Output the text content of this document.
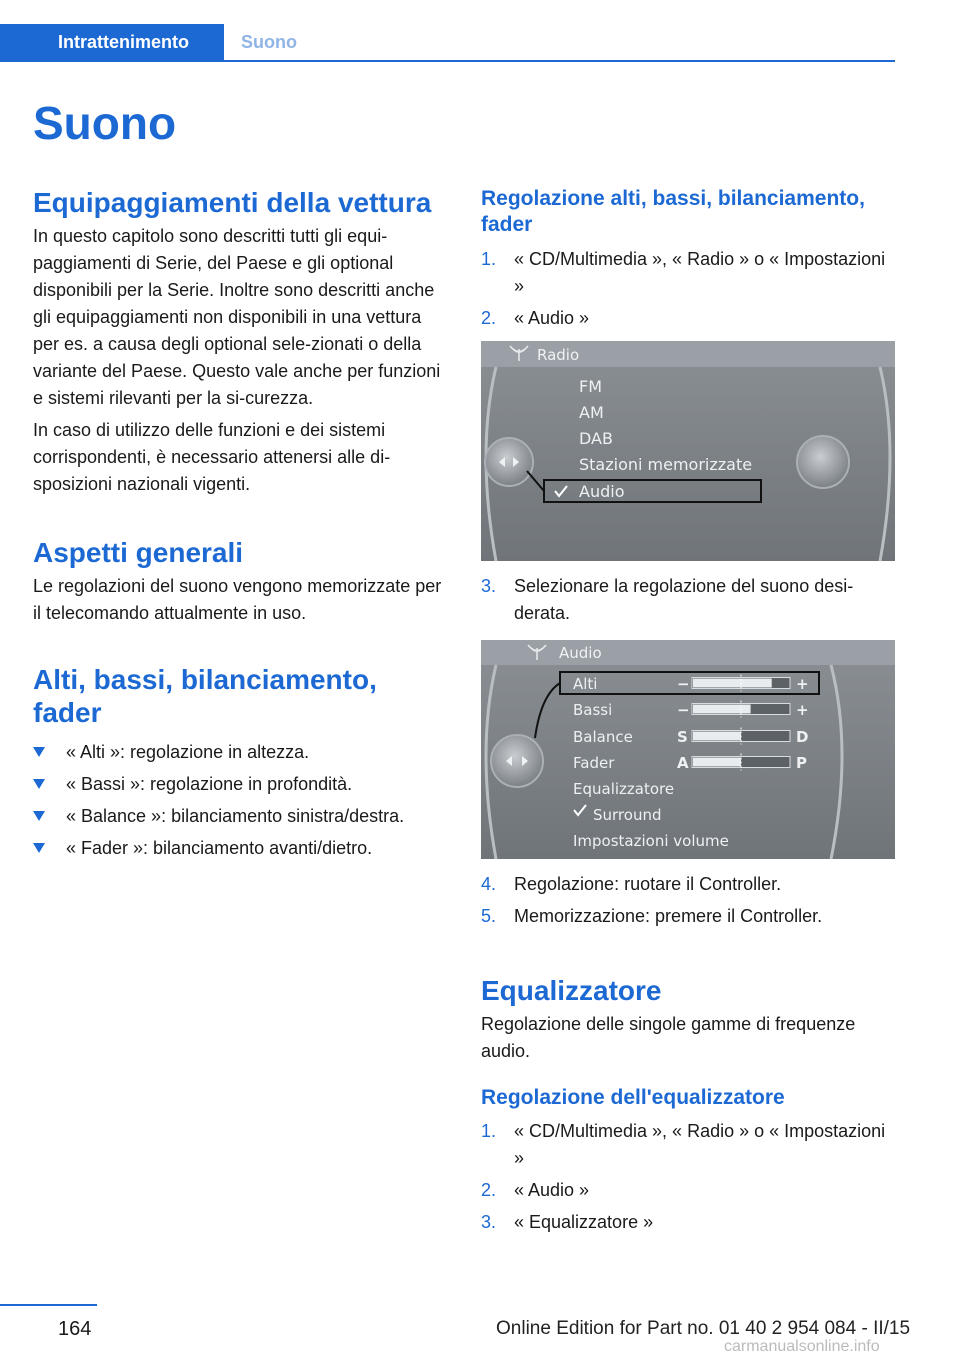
Intrattenimento	Suono
Suono
Equipaggiamenti della vettura
In questo capitolo sono descritti tutti gli equi-paggiamenti di Serie, del Paese e gli optional disponibili per la Serie. Inoltre sono descritti anche gli equipaggiamenti non disponibili in una vettura per es. a causa degli optional sele-zionati o della variante del Paese. Questo vale anche per funzioni e sistemi rilevanti per la si-curezza.
In caso di utilizzo delle funzioni e dei sistemi corrispondenti, è necessario attenersi alle di-sposizioni nazionali vigenti.
Aspetti generali
Le regolazioni del suono vengono memorizzate per il telecomando attualmente in uso.
Alti, bassi, bilanciamento, fader
« Alti »: regolazione in altezza.
« Bassi »: regolazione in profondità.
« Balance »: bilanciamento sinistra/destra.
« Fader »: bilanciamento avanti/dietro.
Regolazione alti, bassi, bilanciamento, fader
1. « CD/Multimedia », « Radio » o « Impostazioni »
2. « Audio »
Radio
FM
AM
DAB
Stazioni memorizzate
Audio
3. Selezionare la regolazione del suono desi-derata.
Audio
Alti
Bassi
Balance
Fader
Equalizzatore
Surround
Impostazioni volume
−	+
−	+
S	D
A	P
4. Regolazione: ruotare il Controller.
5. Memorizzazione: premere il Controller.
Equalizzatore
Regolazione delle singole gamme di frequenze audio.
Regolazione dell'equalizzatore
1. « CD/Multimedia », « Radio » o « Impostazioni »
2. « Audio »
3. « Equalizzatore »
164	Online Edition for Part no. 01 40 2 954 084 - II/15
carmanualsonline.info
